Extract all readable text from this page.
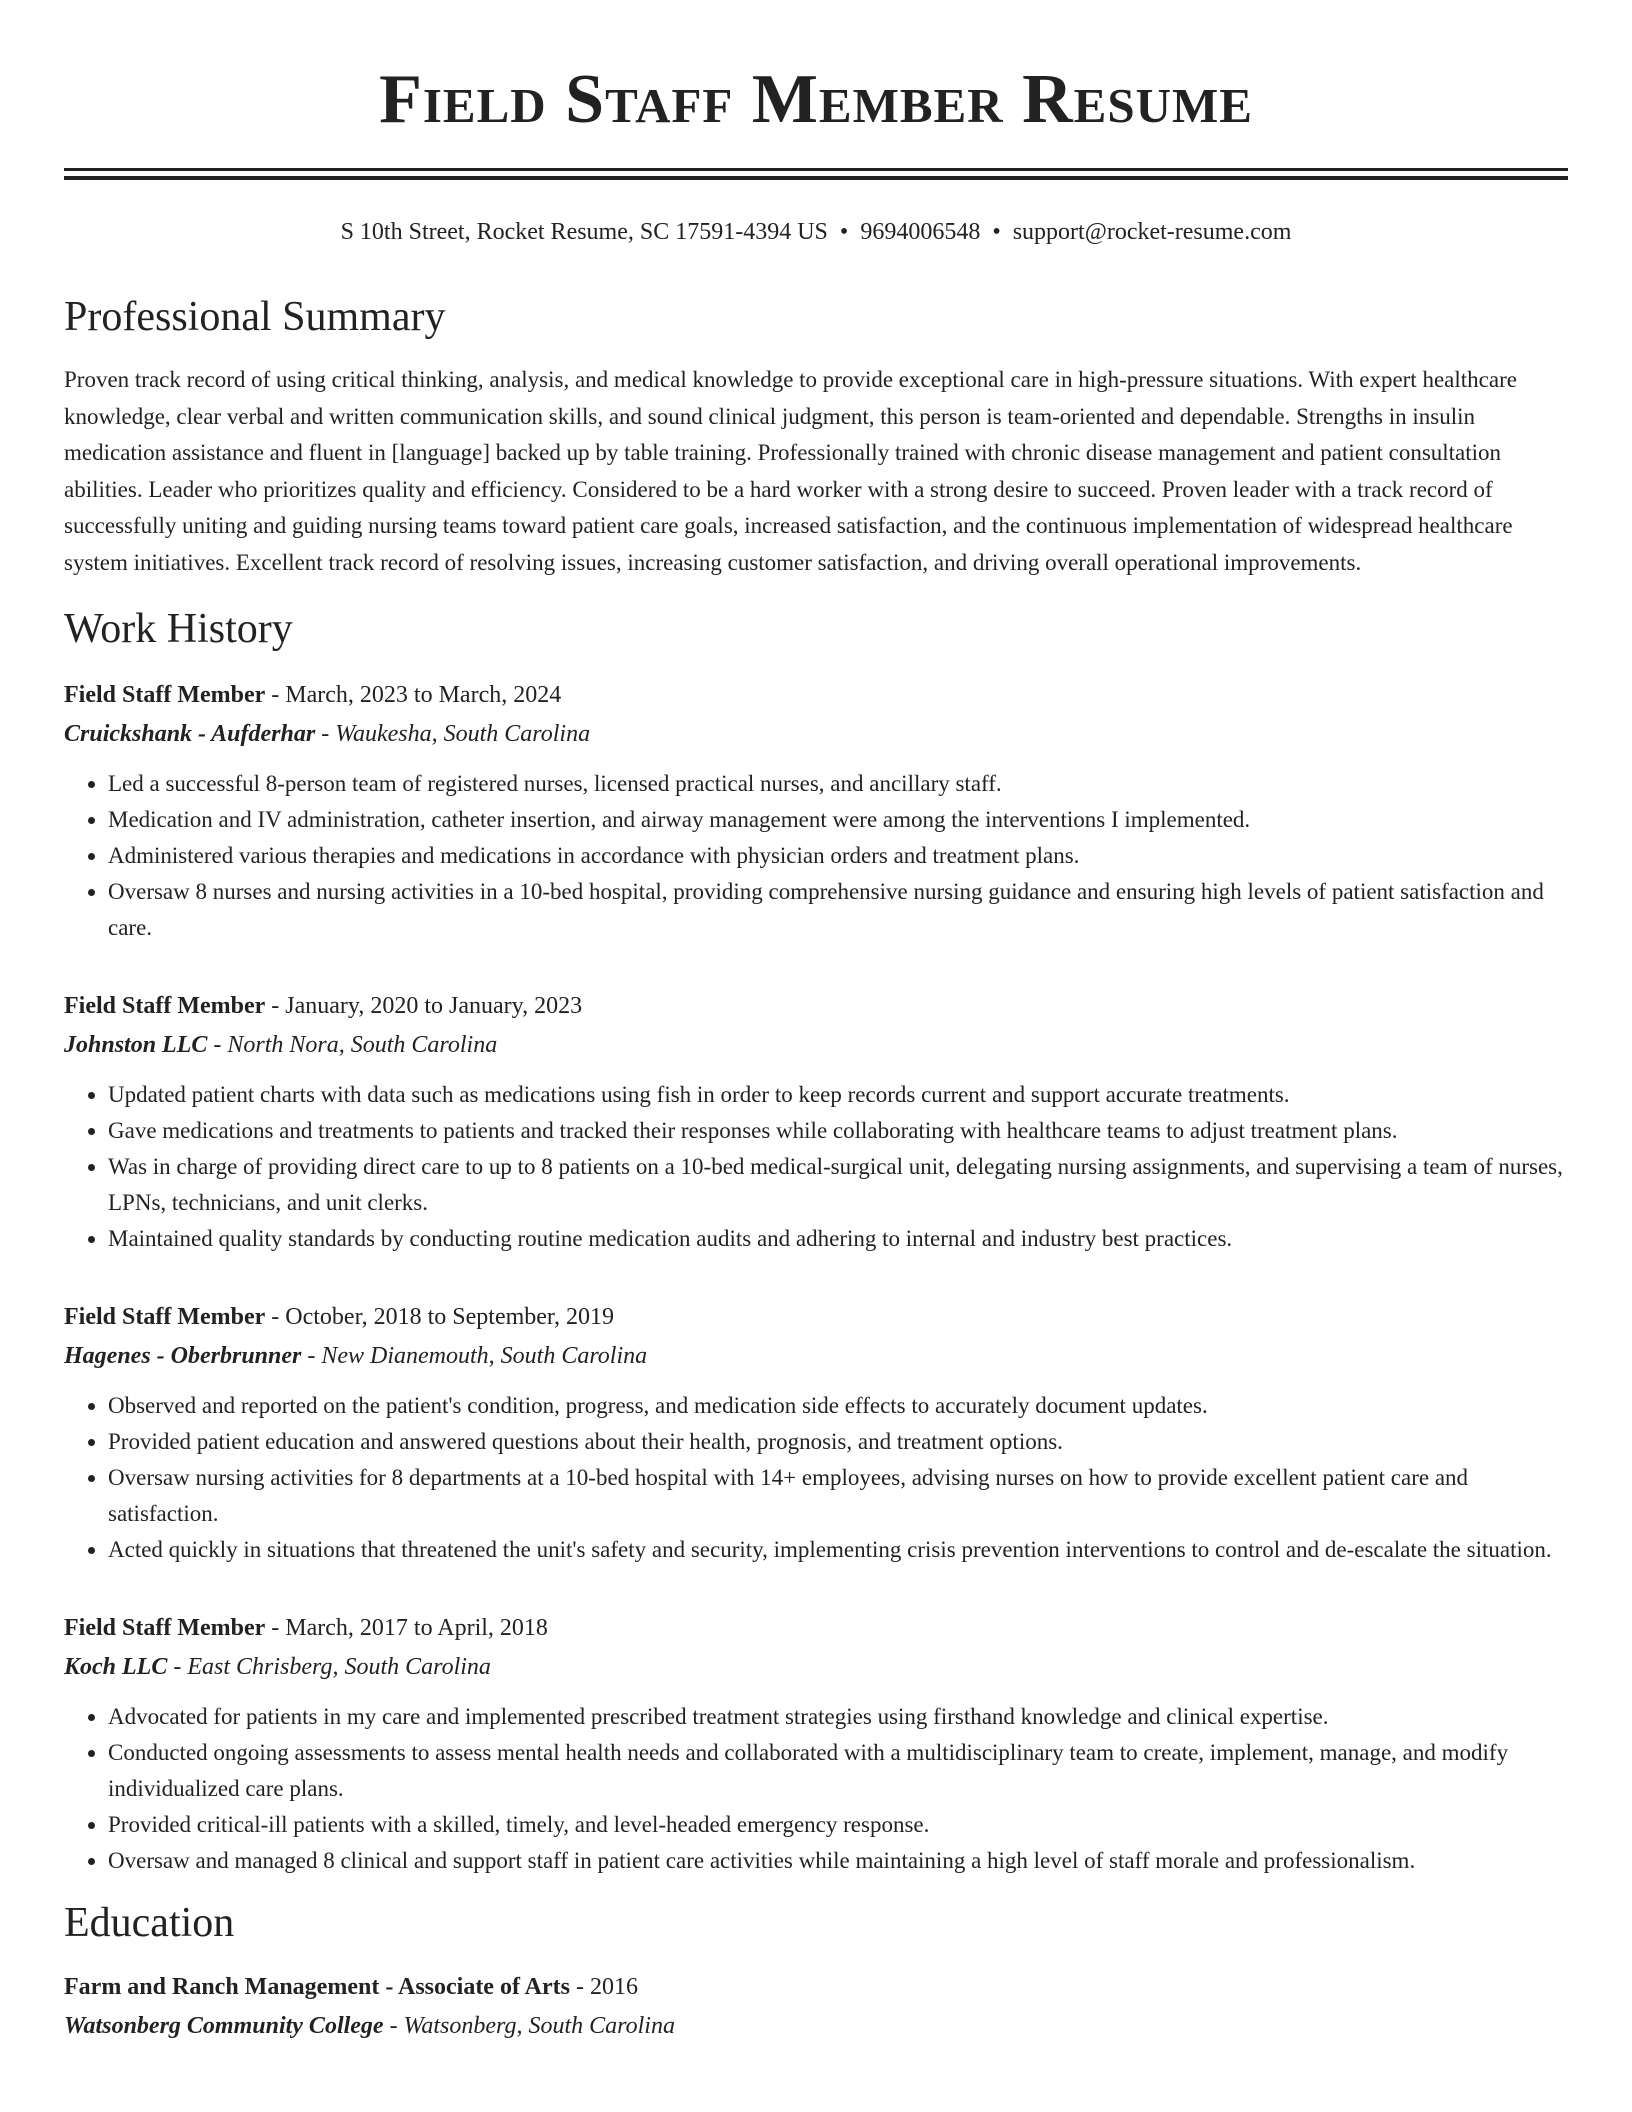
Field Staff Member Resume
S 10th Street, Rocket Resume, SC 17591-4394 US • 9694006548 • support@rocket-resume.com
Professional Summary
Proven track record of using critical thinking, analysis, and medical knowledge to provide exceptional care in high-pressure situations. With expert healthcare knowledge, clear verbal and written communication skills, and sound clinical judgment, this person is team-oriented and dependable. Strengths in insulin medication assistance and fluent in [language] backed up by table training. Professionally trained with chronic disease management and patient consultation abilities. Leader who prioritizes quality and efficiency. Considered to be a hard worker with a strong desire to succeed. Proven leader with a track record of successfully uniting and guiding nursing teams toward patient care goals, increased satisfaction, and the continuous implementation of widespread healthcare system initiatives. Excellent track record of resolving issues, increasing customer satisfaction, and driving overall operational improvements.
Work History
Field Staff Member - March, 2023 to March, 2024
Cruickshank - Aufderhar - Waukesha, South Carolina
• Led a successful 8-person team of registered nurses, licensed practical nurses, and ancillary staff.
• Medication and IV administration, catheter insertion, and airway management were among the interventions I implemented.
• Administered various therapies and medications in accordance with physician orders and treatment plans.
• Oversaw 8 nurses and nursing activities in a 10-bed hospital, providing comprehensive nursing guidance and ensuring high levels of patient satisfaction and care.
Field Staff Member - January, 2020 to January, 2023
Johnston LLC - North Nora, South Carolina
• Updated patient charts with data such as medications using fish in order to keep records current and support accurate treatments.
• Gave medications and treatments to patients and tracked their responses while collaborating with healthcare teams to adjust treatment plans.
• Was in charge of providing direct care to up to 8 patients on a 10-bed medical-surgical unit, delegating nursing assignments, and supervising a team of nurses, LPNs, technicians, and unit clerks.
• Maintained quality standards by conducting routine medication audits and adhering to internal and industry best practices.
Field Staff Member - October, 2018 to September, 2019
Hagenes - Oberbrunner - New Dianemouth, South Carolina
• Observed and reported on the patient's condition, progress, and medication side effects to accurately document updates.
• Provided patient education and answered questions about their health, prognosis, and treatment options.
• Oversaw nursing activities for 8 departments at a 10-bed hospital with 14+ employees, advising nurses on how to provide excellent patient care and satisfaction.
• Acted quickly in situations that threatened the unit's safety and security, implementing crisis prevention interventions to control and de-escalate the situation.
Field Staff Member - March, 2017 to April, 2018
Koch LLC - East Chrisberg, South Carolina
• Advocated for patients in my care and implemented prescribed treatment strategies using firsthand knowledge and clinical expertise.
• Conducted ongoing assessments to assess mental health needs and collaborated with a multidisciplinary team to create, implement, manage, and modify individualized care plans.
• Provided critical-ill patients with a skilled, timely, and level-headed emergency response.
• Oversaw and managed 8 clinical and support staff in patient care activities while maintaining a high level of staff morale and professionalism.
Education
Farm and Ranch Management - Associate of Arts - 2016
Watsonberg Community College - Watsonberg, South Carolina
